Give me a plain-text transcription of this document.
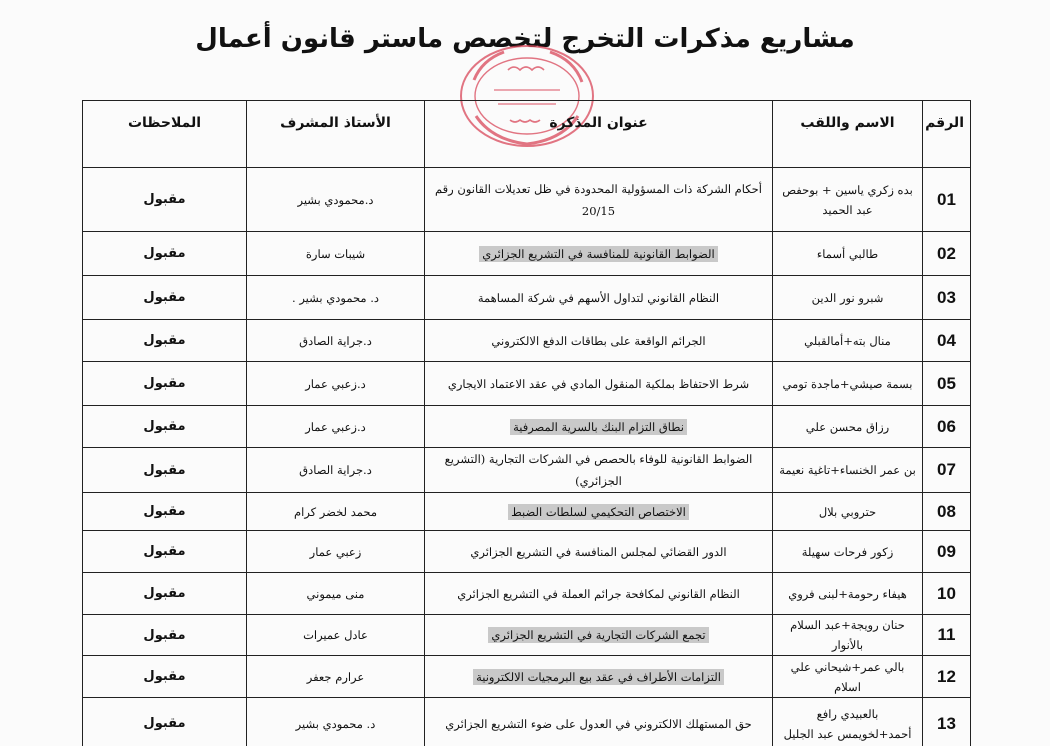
مشاريع مذكرات التخرج لتخصص ماستر قانون أعمال
الرقم	الاسم واللقب	عنوان المذكرة	الأستاذ المشرف	الملاحظات
01	بده زكري ياسين + بوحفص عبد الحميد	أحكام الشركة ذات المسؤولية المحدودة في ظل تعديلات القانون رقم 20/15	د.محمودي بشير	مقبول
02	طالبي أسماء	الضوابط القانونية للمنافسة في التشريع الجزائري	شيبات سارة	مقبول
03	شبرو نور الدين	النظام القانوني لتداول الأسهم في شركة المساهمة	د. محمودي بشير .	مقبول
04	منال بته+أمالقبلي	الجرائم الواقعة على بطاقات الدفع الالكتروني	د.جراية الصادق	مقبول
05	بسمة صيشي+ماجدة تومي	شرط الاحتفاظ بملكية المنقول المادي في عقد الاعتماد الايجاري	د.زعبي عمار	مقبول
06	رزاق محسن علي	نطاق التزام البنك بالسرية المصرفية	د.زعبي عمار	مقبول
07	بن عمر الخنساء+تاغية نعيمة	الضوابط القانونية للوفاء بالحصص في الشركات التجارية (التشريع الجزائري)	د.جراية الصادق	مقبول
08	حتروبي بلال	الاختصاص التحكيمي لسلطات الضبط	محمد لخضر كرام	مقبول
09	زكور فرحات سهيلة	الدور القضائي لمجلس المنافسة في التشريع الجزائري	زعبي عمار	مقبول
10	هيفاء رحومة+لبنى فروي	النظام القانوني لمكافحة جرائم العملة في التشريع الجزائري	منى ميموني	مقبول
11	حنان رويجة+عبد السلام بالأنوار	تجمع الشركات التجارية في التشريع الجزائري	عادل عميرات	مقبول
12	بالي عمر+شيحاني علي اسلام	التزامات الأطراف في عقد بيع البرمجيات الالكترونية	عرارم جعفر	مقبول
13	بالعبيدي رافع أحمد+لخويمس عبد الجليل	حق المستهلك الالكتروني في العدول على ضوء التشريع الجزائري	د. محمودي بشير	مقبول
